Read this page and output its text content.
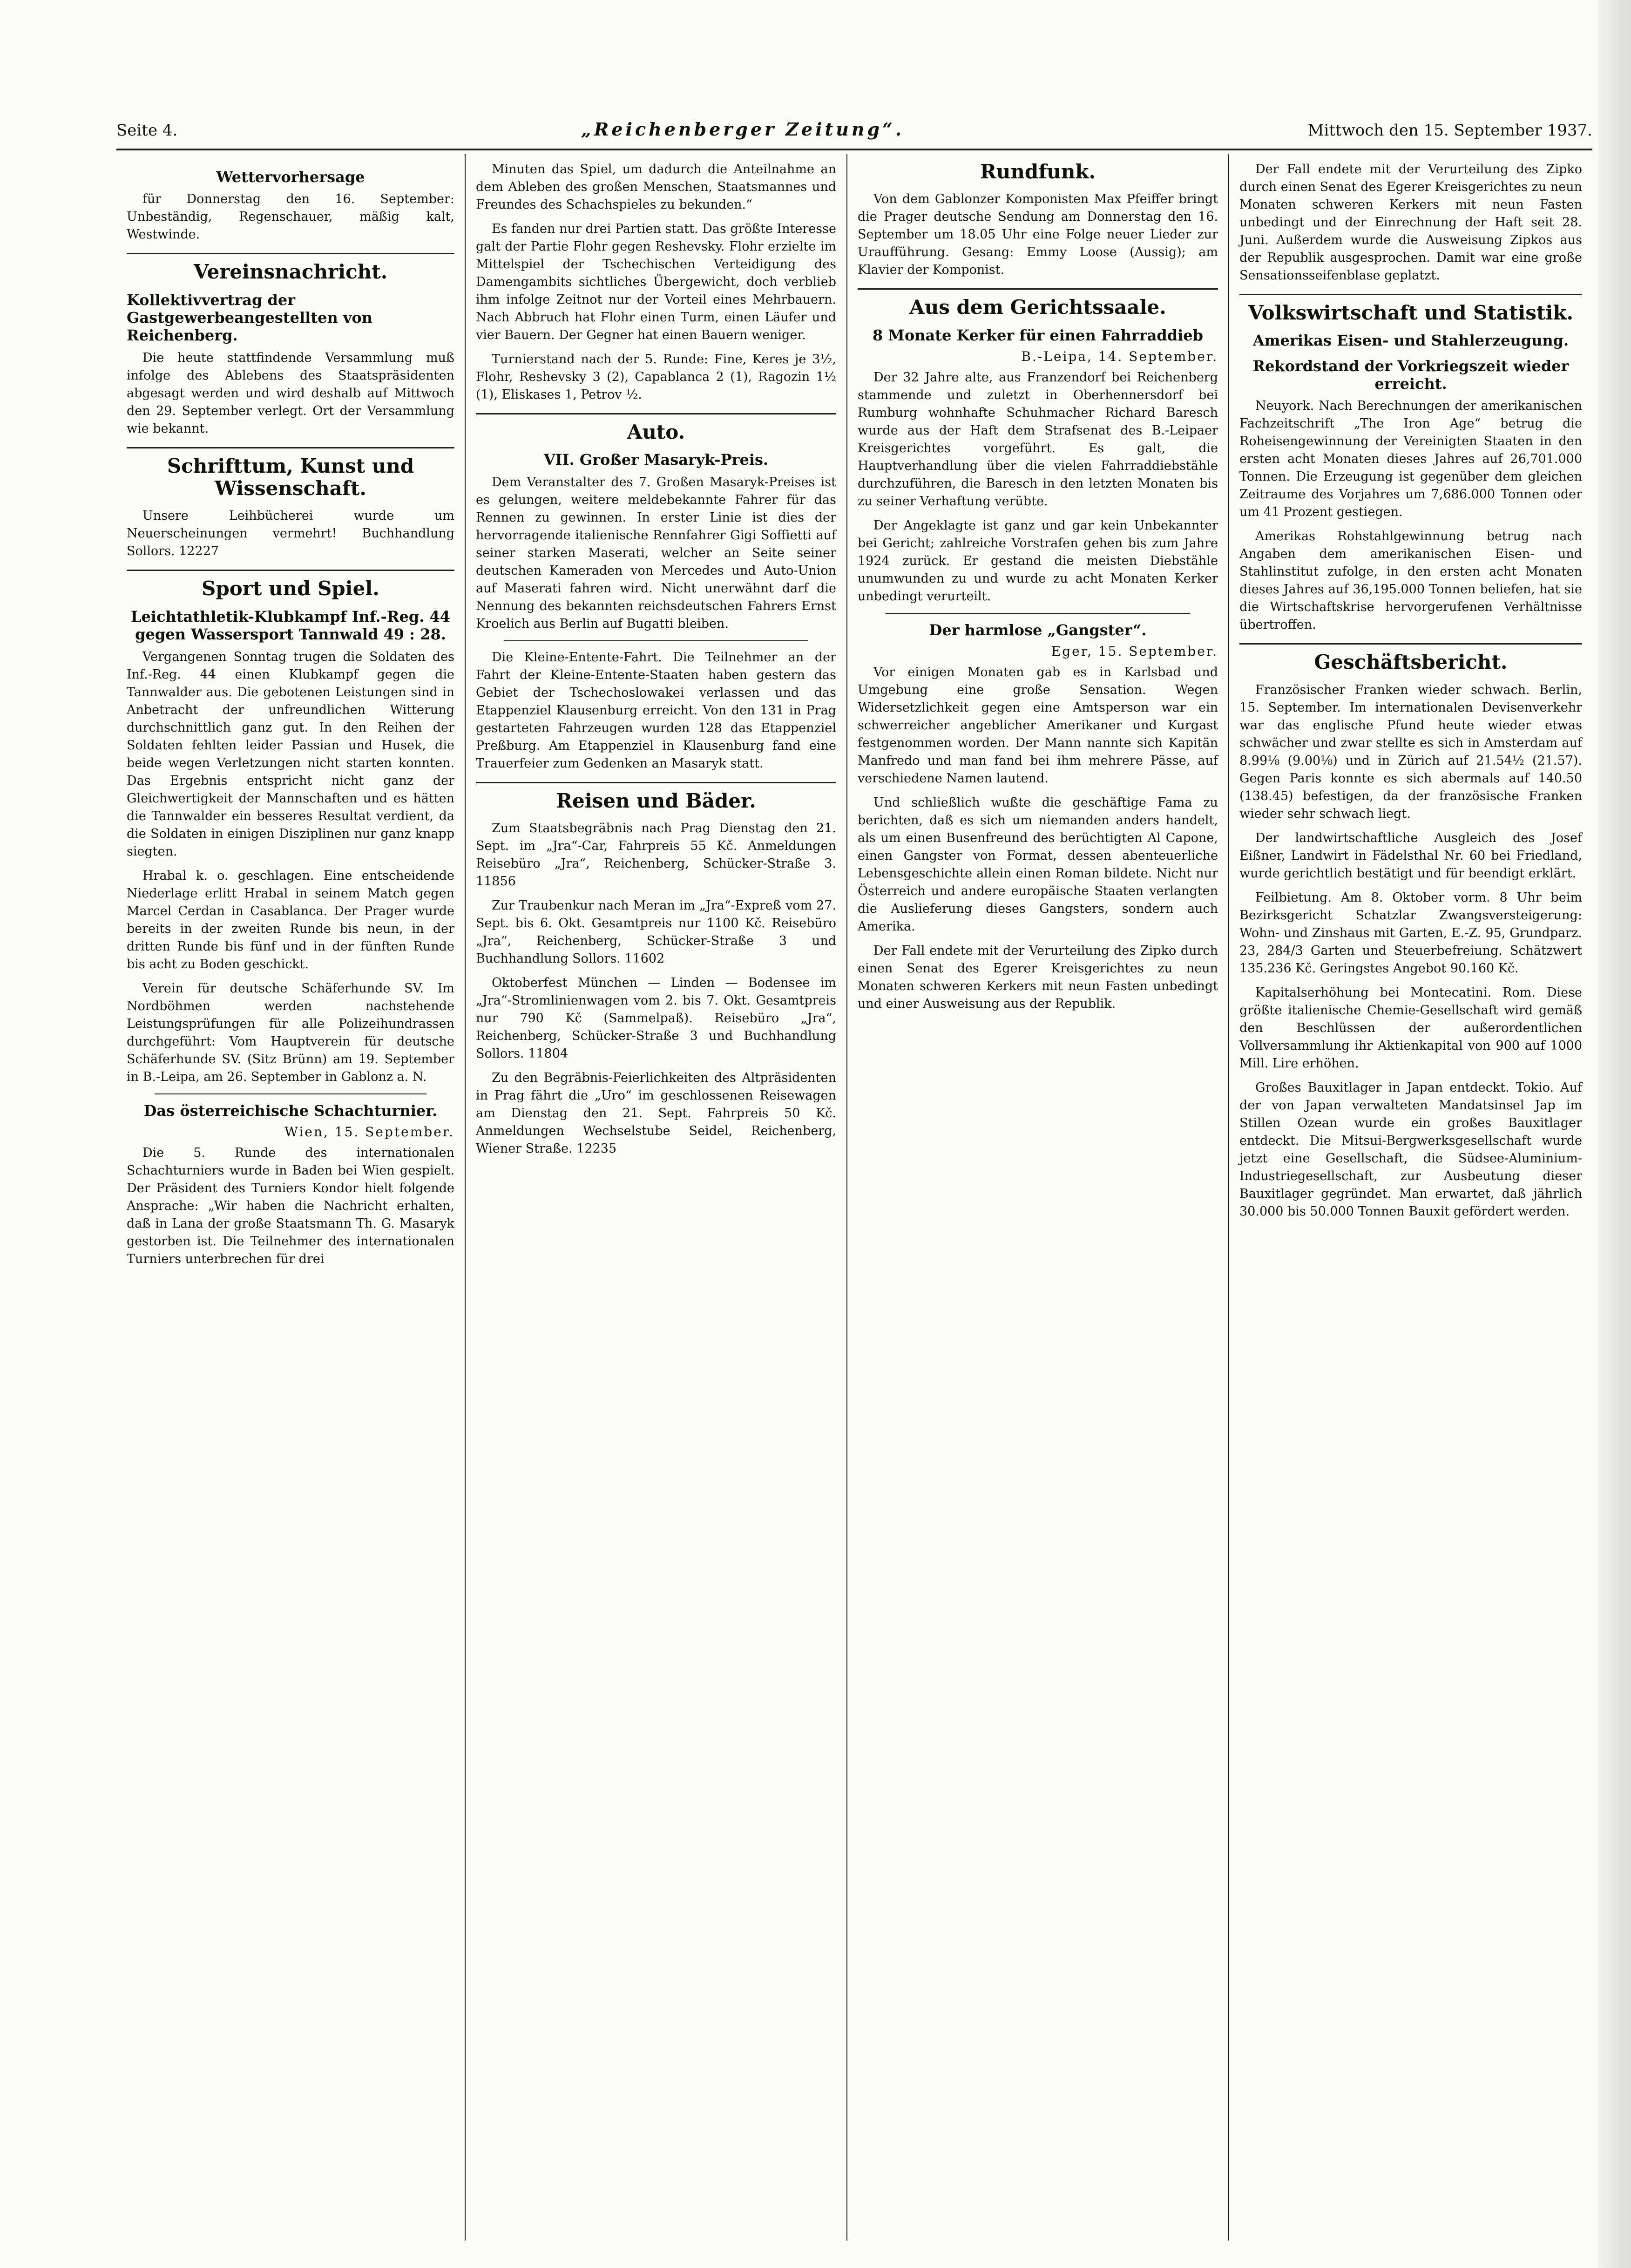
Seite 4.	„Reichenberger Zeitung“.	Mittwoch den 15. September 1937.
Wettervorhersage

für Donnerstag den 16. September: Unbeständig, Regenschauer, mäßig kalt, Westwinde.

Vereinsnachricht.
Kollektivvertrag der Gastgewerbeangestellten von Reichenberg.

Die heute stattfindende Versammlung muß infolge des Ablebens des Staatspräsidenten abgesagt werden und wird deshalb auf Mittwoch den 29. September verlegt. Ort der Versammlung wie bekannt.

Schrifttum, Kunst und Wissenschaft.

Unsere Leihbücherei wurde um Neuerscheinungen vermehrt! Buchhandlung Sollors. 12227

Sport und Spiel.
Leichtathletik-Klubkampf Inf.-Reg. 44 gegen Wassersport Tannwald 49 : 28.

Vergangenen Sonntag trugen die Soldaten des Inf.-Reg. 44 einen Klubkampf gegen die Tannwalder aus. Die gebotenen Leistungen sind in Anbetracht der unfreundlichen Witterung durchschnittlich ganz gut. In den Reihen der Soldaten fehlten leider Passian und Husek, die beide wegen Verletzungen nicht starten konnten. Das Ergebnis entspricht nicht ganz der Gleichwertigkeit der Mannschaften und es hätten die Tannwalder ein besseres Resultat verdient, da die Soldaten in einigen Disziplinen nur ganz knapp siegten.

Hrabal k. o. geschlagen. Eine entscheidende Niederlage erlitt Hrabal in seinem Match gegen Marcel Cerdan in Casablanca. Der Prager wurde bereits in der zweiten Runde bis neun, in der dritten Runde bis fünf und in der fünften Runde bis acht zu Boden geschickt.

Verein für deutsche Schäferhunde SV. Im Nordböhmen werden nachstehende Leistungsprüfungen für alle Polizeihundrassen durchgeführt: Vom Hauptverein für deutsche Schäferhunde SV. (Sitz Brünn) am 19. September in B.-Leipa, am 26. September in Gablonz a. N.

Das österreichische Schachturnier.
Wien, 15. September.

Die 5. Runde des internationalen Schachturniers wurde in Baden bei Wien gespielt. Der Präsident des Turniers Kondor hielt folgende Ansprache: „Wir haben die Nachricht erhalten, daß in Lana der große Staatsmann Th. G. Masaryk gestorben ist. Die Teilnehmer des internationalen Turniers unterbrechen für drei

Minuten das Spiel, um dadurch die Anteilnahme an dem Ableben des großen Menschen, Staatsmannes und Freundes des Schachspieles zu bekunden.“

Es fanden nur drei Partien statt. Das größte Interesse galt der Partie Flohr gegen Reshevsky. Flohr erzielte im Mittelspiel der Tschechischen Verteidigung des Damengambits sichtliches Übergewicht, doch verblieb ihm infolge Zeitnot nur der Vorteil eines Mehrbauern. Nach Abbruch hat Flohr einen Turm, einen Läufer und vier Bauern. Der Gegner hat einen Bauern weniger.

Turnierstand nach der 5. Runde: Fine, Keres je 3½, Flohr, Reshevsky 3 (2), Capablanca 2 (1), Ragozin 1½ (1), Eliskases 1, Petrov ½.

Auto.
VII. Großer Masaryk-Preis.

Dem Veranstalter des 7. Großen Masaryk-Preises ist es gelungen, weitere meldebekannte Fahrer für das Rennen zu gewinnen. In erster Linie ist dies der hervorragende italienische Rennfahrer Gigi Soffietti auf seiner starken Maserati, welcher an Seite seiner deutschen Kameraden von Mercedes und Auto-Union auf Maserati fahren wird. Nicht unerwähnt darf die Nennung des bekannten reichsdeutschen Fahrers Ernst Kroelich aus Berlin auf Bugatti bleiben.

Die Kleine-Entente-Fahrt. Die Teilnehmer an der Fahrt der Kleine-Entente-Staaten haben gestern das Gebiet der Tschechoslowakei verlassen und das Etappenziel Klausenburg erreicht. Von den 131 in Prag gestarteten Fahrzeugen wurden 128 das Etappenziel Preßburg. Am Etappenziel in Klausenburg fand eine Trauerfeier zum Gedenken an Masaryk statt.

Reisen und Bäder.

Zum Staatsbegräbnis nach Prag Dienstag den 21. Sept. im „Jra“-Car, Fahrpreis 55 Kč. Anmeldungen Reisebüro „Jra“, Reichenberg, Schücker-Straße 3. 11856

Zur Traubenkur nach Meran im „Jra“-Expreß vom 27. Sept. bis 6. Okt. Gesamtpreis nur 1100 Kč. Reisebüro „Jra“, Reichenberg, Schücker-Straße 3 und Buchhandlung Sollors. 11602

Oktoberfest München — Linden — Bodensee im „Jra“-Stromlinienwagen vom 2. bis 7. Okt. Gesamtpreis nur 790 Kč (Sammelpaß). Reisebüro „Jra“, Reichenberg, Schücker-Straße 3 und Buchhandlung Sollors. 11804

Zu den Begräbnis-Feierlichkeiten des Altpräsidenten in Prag fährt die „Uro“ im geschlossenen Reisewagen am Dienstag den 21. Sept. Fahrpreis 50 Kč. Anmeldungen Wechselstube Seidel, Reichenberg, Wiener Straße. 12235

Rundfunk.

Von dem Gablonzer Komponisten Max Pfeiffer bringt die Prager deutsche Sendung am Donnerstag den 16. September um 18.05 Uhr eine Folge neuer Lieder zur Uraufführung. Gesang: Emmy Loose (Aussig); am Klavier der Komponist.

Aus dem Gerichtssaale.
8 Monate Kerker für einen Fahrraddieb
B.-Leipa, 14. September.

Der 32 Jahre alte, aus Franzendorf bei Reichenberg stammende und zuletzt in Oberhennersdorf bei Rumburg wohnhafte Schuhmacher Richard Baresch wurde aus der Haft dem Strafsenat des B.-Leipaer Kreisgerichtes vorgeführt. Es galt, die Hauptverhandlung über die vielen Fahrraddiebstähle durchzuführen, die Baresch in den letzten Monaten bis zu seiner Verhaftung verübte.

Der Angeklagte ist ganz und gar kein Unbekannter bei Gericht; zahlreiche Vorstrafen gehen bis zum Jahre 1924 zurück. Er gestand die meisten Diebstähle unumwunden zu und wurde zu acht Monaten Kerker unbedingt verurteilt.

Der harmlose „Gangster“.
Eger, 15. September.

Vor einigen Monaten gab es in Karlsbad und Umgebung eine große Sensation. Wegen Widersetzlichkeit gegen eine Amtsperson war ein schwerreicher angeblicher Amerikaner und Kurgast festgenommen worden. Der Mann nannte sich Kapitän Manfredo und man fand bei ihm mehrere Pässe, auf verschiedene Namen lautend.

Und schließlich wußte die geschäftige Fama zu berichten, daß es sich um niemanden anders handelt, als um einen Busenfreund des berüchtigten Al Capone, einen Gangster von Format, dessen abenteuerliche Lebensgeschichte allein einen Roman bildete. Nicht nur Österreich und andere europäische Staaten verlangten die Auslieferung dieses Gangsters, sondern auch Amerika.

Der Fall endete mit der Verurteilung des Zipko durch einen Senat des Egerer Kreisgerichtes zu neun Monaten schweren Kerkers mit neun Fasten unbedingt und einer Ausweisung aus der Republik.

Der Fall endete mit der Verurteilung des Zipko durch einen Senat des Egerer Kreisgerichtes zu neun Monaten schweren Kerkers mit neun Fasten unbedingt und der Einrechnung der Haft seit 28. Juni. Außerdem wurde die Ausweisung Zipkos aus der Republik ausgesprochen. Damit war eine große Sensationsseifenblase geplatzt.

Volkswirtschaft und Statistik.
Amerikas Eisen- und Stahlerzeugung.
Rekordstand der Vorkriegszeit wieder erreicht.

Neuyork. Nach Berechnungen der amerikanischen Fachzeitschrift „The Iron Age“ betrug die Roheisengewinnung der Vereinigten Staaten in den ersten acht Monaten dieses Jahres auf 26,701.000 Tonnen. Die Erzeugung ist gegenüber dem gleichen Zeitraume des Vorjahres um 7,686.000 Tonnen oder um 41 Prozent gestiegen.

Amerikas Rohstahlgewinnung betrug nach Angaben dem amerikanischen Eisen- und Stahlinstitut zufolge, in den ersten acht Monaten dieses Jahres auf 36,195.000 Tonnen beliefen, hat sie die Wirtschaftskrise hervorgerufenen Verhältnisse übertroffen.

Geschäftsbericht.

Französischer Franken wieder schwach. Berlin, 15. September. Im internationalen Devisenverkehr war das englische Pfund heute wieder etwas schwächer und zwar stellte es sich in Amsterdam auf 8.99⅛ (9.00⅛) und in Zürich auf 21.54½ (21.57). Gegen Paris konnte es sich abermals auf 140.50 (138.45) befestigen, da der französische Franken wieder sehr schwach liegt.

Der landwirtschaftliche Ausgleich des Josef Eißner, Landwirt in Fädelsthal Nr. 60 bei Friedland, wurde gerichtlich bestätigt und für beendigt erklärt.

Feilbietung. Am 8. Oktober vorm. 8 Uhr beim Bezirksgericht Schatzlar Zwangsversteigerung: Wohn- und Zinshaus mit Garten, E.-Z. 95, Grundparz. 23, 284/3 Garten und Steuerbefreiung. Schätzwert 135.236 Kč. Geringstes Angebot 90.160 Kč.

Kapitalserhöhung bei Montecatini. Rom. Diese größte italienische Chemie-Gesellschaft wird gemäß den Beschlüssen der außerordentlichen Vollversammlung ihr Aktienkapital von 900 auf 1000 Mill. Lire erhöhen.

Großes Bauxitlager in Japan entdeckt. Tokio. Auf der von Japan verwalteten Mandatsinsel Jap im Stillen Ozean wurde ein großes Bauxitlager entdeckt. Die Mitsui-Bergwerksgesellschaft wurde jetzt eine Gesellschaft, die Südsee-Aluminium-Industriegesellschaft, zur Ausbeutung dieser Bauxitlager gegründet. Man erwartet, daß jährlich 30.000 bis 50.000 Tonnen Bauxit gefördert werden.
